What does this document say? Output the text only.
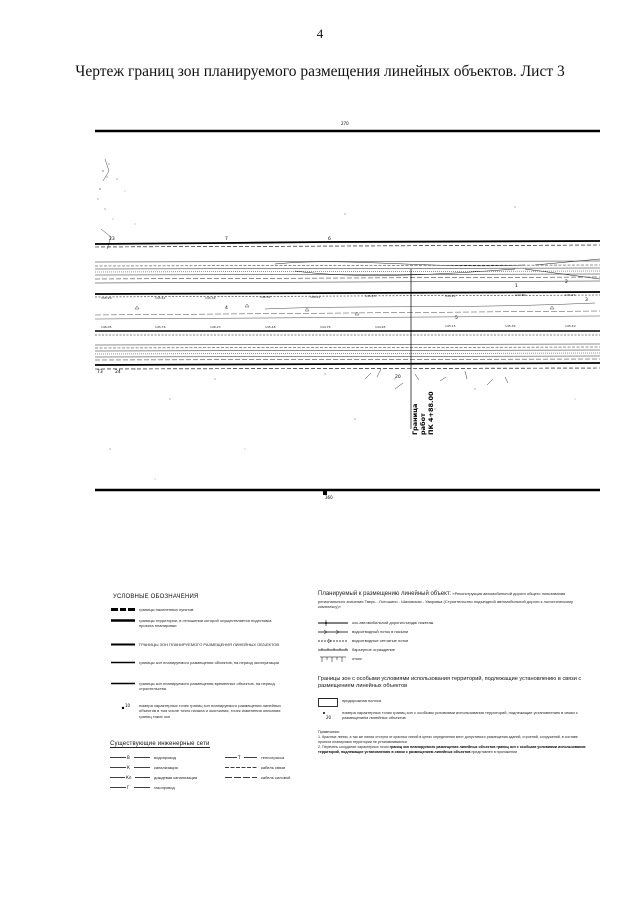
4
Чертеж границ зон планируемого размещения линейных объектов. Лист 3
270
360
Граница работ ПК 4+88.00
23	7	6
4
5
1
2
3
73	24
20
145.20	145.62	145.39	146.81	146.22	145.55	144.91	144.89	145.21
146.05	145.76	146.23	145.48	144.76	144.95	145.15	145.39	145.40
УСЛОВНЫЕ ОБОЗНАЧЕНИЯ
границы населенных пунктов
границы территории, в отношении которой осуществляется подготовка проекта планировки
ГРАНИЦЫ ЗОН ПЛАНИРУЕМОГО РАЗМЕЩЕНИЯ ЛИНЕЙНЫХ ОБЪЕКТОВ
границы зон планируемого размещения объектов, на период эксплуатации
границы зон планируемого размещения временных объектов, на период строительства
10 номера характерных точек границ зон планируемого размещения линейных объектов в том числе точек начала и окончания, точек изменения описания границ таких зон
Существующие инженерные сети
В	водопровод	Т	теплотрасса
К	канализация	кабель связи
Кл	дождевая канализация	кабель силовой
Г	газопровод
Планируемый к размещению линейный объект: «Реконструкция автомобильной дороги общего пользования регионального значения Тверь - Лотошино - Шаховская - Уваровка (Строительство подъездной автомобильной дороги к логистическому комплексу)»
ось автомобильной дороги/съезда/ пикетаж
водоотводный лоток в насыпи
водоотводные сетчатые лотки
барьерное ограждение
откос
Границы зон с особыми условиями использования территорий, подлежащие установлению в связи с размещением линейных объектов
придорожная полоса
20
номера характерных точек границ зон с особыми условиями использования территорий, подлежащие установлению в связи с размещением линейных объектов
Примечания:
1. Красные линии, а так же линии отступа от красных линий в целях определения мест допустимого размещения зданий, строений, сооружений, в составе проекта планировки территории не устанавливаются
2. Перечень координат характерных точек границ зон планируемого размещения линейных объектов границ зон с особыми условиями использования территорий, подлежащие установлению в связи с размещением линейных объектов представлен в приложении
